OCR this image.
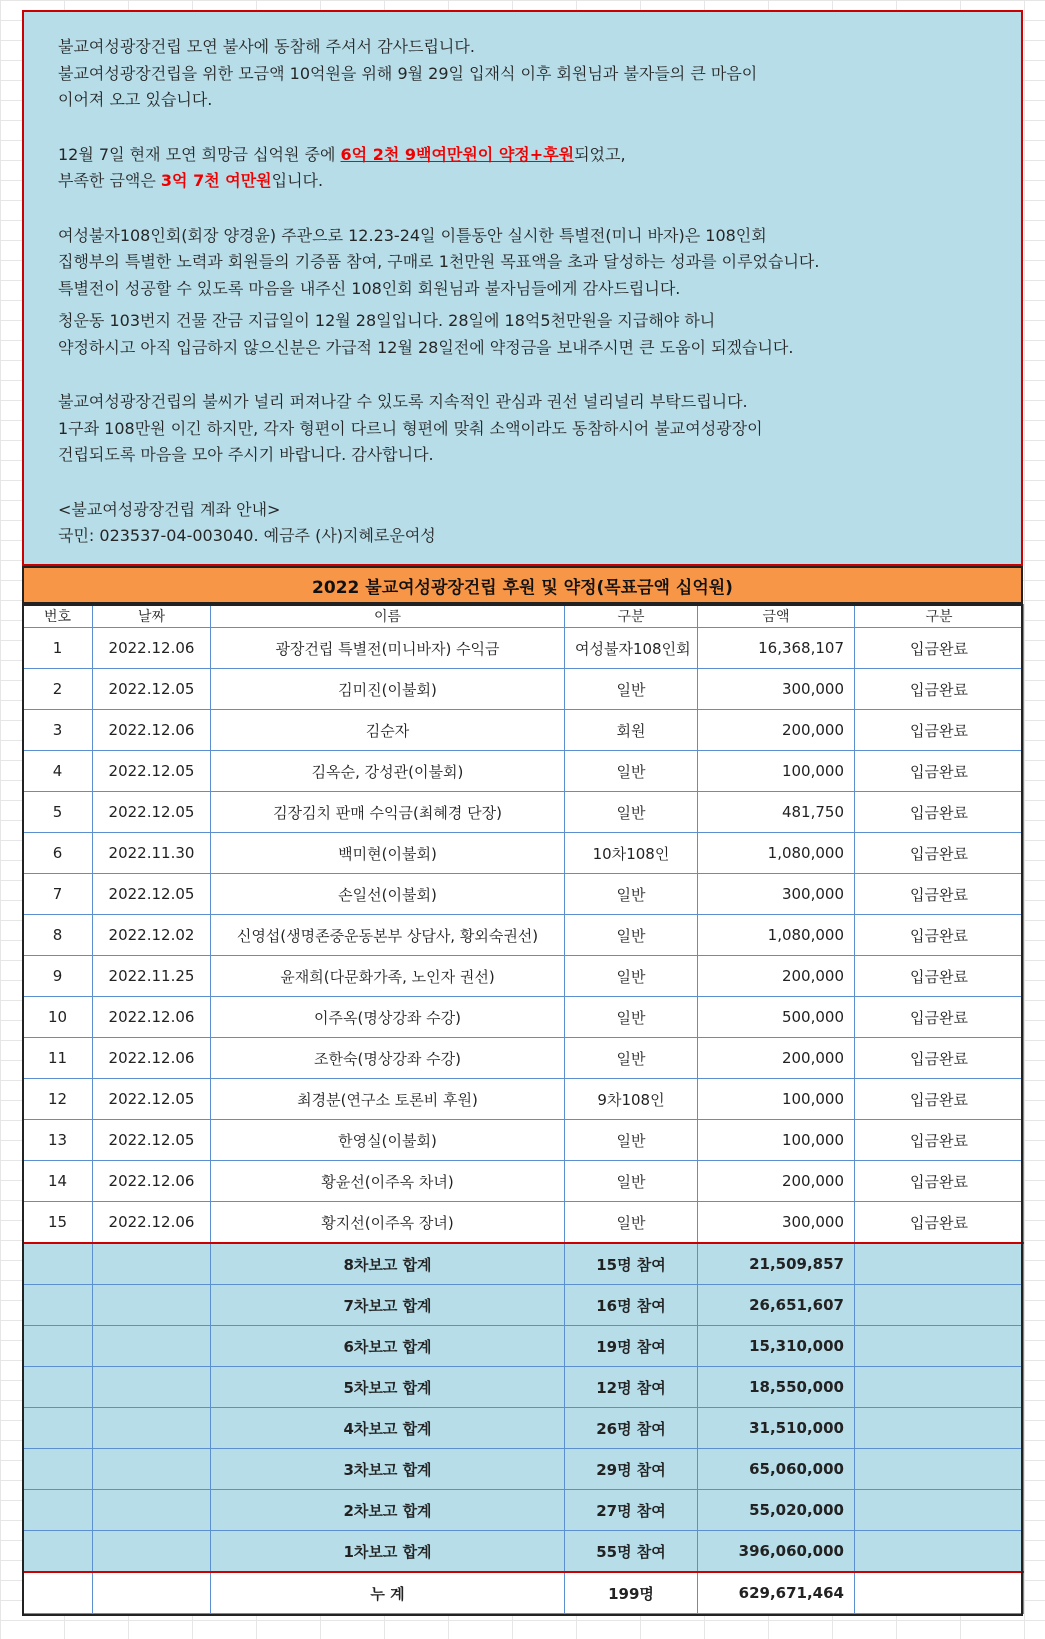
불교여성광장건립 모연 불사에 동참해 주셔서 감사드립니다.

불교여성광장건립을 위한 모금액 10억원을 위해 9월 29일 입재식 이후 회원님과 불자들의 큰 마음이

이어져 오고 있습니다.

12월 7일 현재 모연 희망금 십억원 중에 6억 2천 9백여만원이 약정+후원되었고,

부족한 금액은 3억 7천 여만원입니다.

여성불자108인회(회장 양경윤) 주관으로 12.23-24일 이틀동안 실시한 특별전(미니 바자)은 108인회

집행부의 특별한 노력과 회원들의 기증품 참여, 구매로 1천만원 목표액을 초과 달성하는 성과를 이루었습니다.

특별전이 성공할 수 있도록 마음을 내주신 108인회 회원님과 불자님들에게 감사드립니다.

청운동 103번지 건물 잔금 지급일이 12월 28일입니다. 28일에 18억5천만원을 지급해야 하니

약정하시고 아직 입금하지 않으신분은 가급적 12월 28일전에 약정금을 보내주시면 큰 도움이 되겠습니다.

불교여성광장건립의 불씨가 널리 퍼져나갈 수 있도록 지속적인 관심과 권선 널리널리 부탁드립니다.

1구좌 108만원 이긴 하지만, 각자 형편이 다르니 형편에 맞춰 소액이라도 동참하시어 불교여성광장이

건립되도록 마음을 모아 주시기 바랍니다. 감사합니다.

<불교여성광장건립 계좌 안내>

국민: 023537-04-003040. 예금주 (사)지혜로운여성

2022 불교여성광장건립 후원 및 약정(목표금액 십억원)
번호	날짜	이름	구분	금액	구분
1	2022.12.06	광장건립 특별전(미니바자) 수익금	여성불자108인회	16,368,107	입금완료
2	2022.12.05	김미진(이불회)	일반	300,000	입금완료
3	2022.12.06	김순자	회원	200,000	입금완료
4	2022.12.05	김옥순, 강성관(이불회)	일반	100,000	입금완료
5	2022.12.05	김장김치 판매 수익금(최혜경 단장)	일반	481,750	입금완료
6	2022.11.30	백미현(이불회)	10차108인	1,080,000	입금완료
7	2022.12.05	손일선(이불회)	일반	300,000	입금완료
8	2022.12.02	신영섭(생명존중운동본부 상담사, 황외숙권선)	일반	1,080,000	입금완료
9	2022.11.25	윤재희(다문화가족, 노인자 권선)	일반	200,000	입금완료
10	2022.12.06	이주옥(명상강좌 수강)	일반	500,000	입금완료
11	2022.12.06	조한숙(명상강좌 수강)	일반	200,000	입금완료
12	2022.12.05	최경분(연구소 토론비 후원)	9차108인	100,000	입금완료
13	2022.12.05	한영실(이불회)	일반	100,000	입금완료
14	2022.12.06	황윤선(이주옥 차녀)	일반	200,000	입금완료
15	2022.12.06	황지선(이주옥 장녀)	일반	300,000	입금완료
		8차보고 합계	15명 참여	21,509,857	
		7차보고 합계	16명 참여	26,651,607	
		6차보고 합계	19명 참여	15,310,000	
		5차보고 합계	12명 참여	18,550,000	
		4차보고 합계	26명 참여	31,510,000	
		3차보고 합계	29명 참여	65,060,000	
		2차보고 합계	27명 참여	55,020,000	
		1차보고 합계	55명 참여	396,060,000	
		누 계	199명	629,671,464	
